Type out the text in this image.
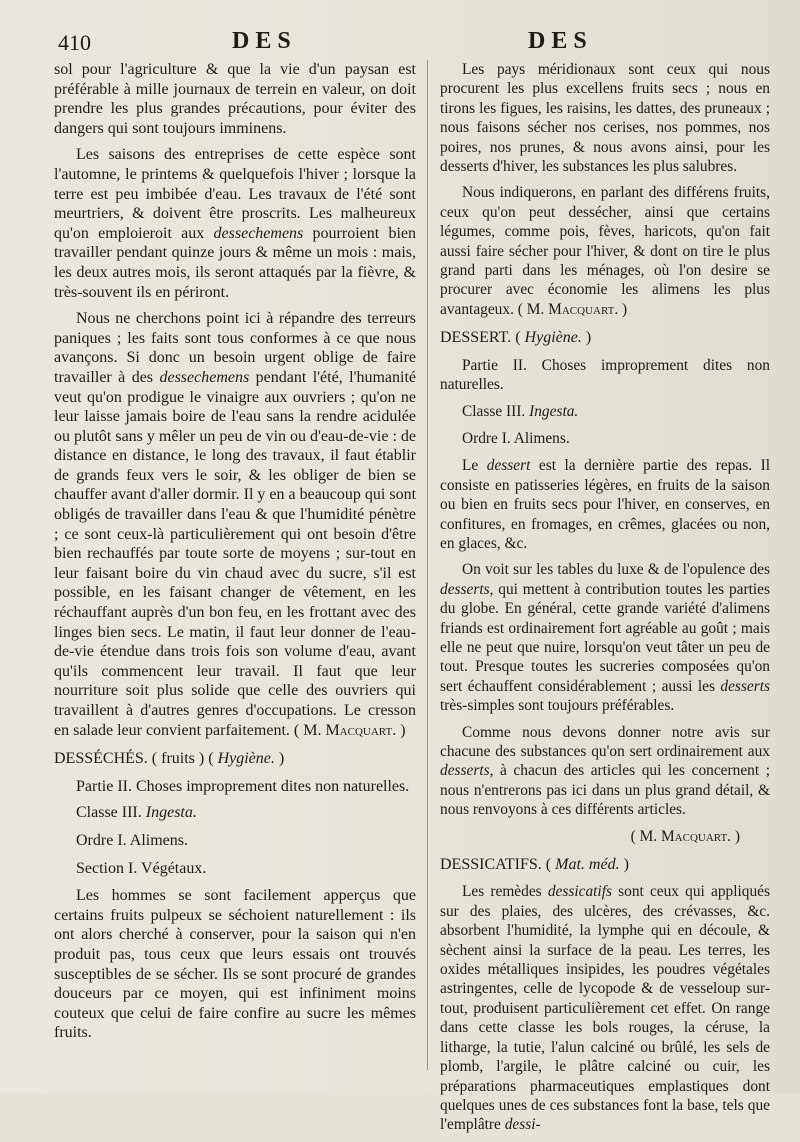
410	DES	DES

sol pour l'agriculture & que la vie d'un paysan est préférable à mille journaux de terrein en valeur, on doit prendre les plus grandes précautions, pour éviter des dangers qui sont toujours imminens.

Les saisons des entreprises de cette espèce sont l'automne, le printems & quelquefois l'hiver ; lorsque la terre est peu imbibée d'eau. Les travaux de l'été sont meurtriers, & doivent être proscrits. Les malheureux qu'on emploieroit aux dessechemens pourroient bien travailler pendant quinze jours & même un mois : mais, les deux autres mois, ils seront attaqués par la fièvre, & très-souvent ils en périront.

Nous ne cherchons point ici à répandre des terreurs paniques ; les faits sont tous conformes à ce que nous avançons. Si donc un besoin urgent oblige de faire travailler à des dessechemens pendant l'été, l'humanité veut qu'on prodigue le vinaigre aux ouvriers ; qu'on ne leur laisse jamais boire de l'eau sans la rendre acidulée ou plutôt sans y mêler un peu de vin ou d'eau-de-vie : de distance en distance, le long des travaux, il faut établir de grands feux vers le soir, & les obliger de bien se chauffer avant d'aller dormir. Il y en a beaucoup qui sont obligés de travailler dans l'eau & que l'humidité pénètre ; ce sont ceux-là particulièrement qui ont besoin d'être bien rechauffés par toute sorte de moyens ; sur-tout en leur faisant boire du vin chaud avec du sucre, s'il est possible, en les faisant changer de vêtement, en les réchauffant auprès d'un bon feu, en les frottant avec des linges bien secs. Le matin, il faut leur donner de l'eau-de-vie étendue dans trois fois son volume d'eau, avant qu'ils commencent leur travail. Il faut que leur nourriture soit plus solide que celle des ouvriers qui travaillent à d'autres genres d'occupations. Le cresson en salade leur convient parfaitement. ( M. Macquart. )

DESSÉCHÉS. ( fruits ) ( Hygiène. )

Partie II. Choses improprement dites non naturelles.

Classe III. Ingesta.
Ordre I. Alimens.
Section I. Végétaux.

Les hommes se sont facilement apperçus que certains fruits pulpeux se séchoient naturellement : ils ont alors cherché à conserver, pour la saison qui n'en produit pas, tous ceux que leurs essais ont trouvés susceptibles de se sécher. Ils se sont procuré de grandes douceurs par ce moyen, qui est infiniment moins couteux que celui de faire confire au sucre les mêmes fruits.

Les pays méridionaux sont ceux qui nous procurent les plus excellens fruits secs ; nous en tirons les figues, les raisins, les dattes, des pruneaux ; nous faisons sécher nos cerises, nos pommes, nos poires, nos prunes, & nous avons ainsi, pour les desserts d'hiver, les substances les plus salubres.

Nous indiquerons, en parlant des différens fruits, ceux qu'on peut dessécher, ainsi que certains légumes, comme pois, fèves, haricots, qu'on fait aussi faire sécher pour l'hiver, & dont on tire le plus grand parti dans les ménages, où l'on desire se procurer avec économie les alimens les plus avantageux. ( M. Macquart. )

DESSERT. ( Hygiène. )

Partie II. Choses improprement dites non naturelles.

Classe III. Ingesta.
Ordre I. Alimens.

Le dessert est la dernière partie des repas. Il consiste en patisseries légères, en fruits de la saison ou bien en fruits secs pour l'hiver, en conserves, en confitures, en fromages, en crêmes, glacées ou non, en glaces, &c.

On voit sur les tables du luxe & de l'opulence des desserts, qui mettent à contribution toutes les parties du globe. En général, cette grande variété d'alimens friands est ordinairement fort agréable au goût ; mais elle ne peut que nuire, lorsqu'on veut tâter un peu de tout. Presque toutes les sucreries composées qu'on sert échauffent considérablement ; aussi les desserts très-simples sont toujours préférables.

Comme nous devons donner notre avis sur chacune des substances qu'on sert ordinairement aux desserts, à chacun des articles qui les concernent ; nous n'entrerons pas ici dans un plus grand détail, & nous renvoyons à ces différents articles.

( M. Macquart. )
DESSICATIFS. ( Mat. méd. )

Les remèdes dessicatifs sont ceux qui appliqués sur des plaies, des ulcères, des crévasses, &c. absorbent l'humidité, la lymphe qui en découle, & sèchent ainsi la surface de la peau. Les terres, les oxides métalliques insipides, les poudres végétales astringentes, celle de lycopode & de vesseloup sur-tout, produisent particulièrement cet effet. On range dans cette classe les bols rouges, la céruse, la litharge, la tutie, l'alun calciné ou brûlé, les sels de plomb, l'argile, le plâtre calciné ou cuir, les préparations pharmaceutiques emplastiques dont quelques unes de ces substances font la base, tels que l'emplâtre dessi-
